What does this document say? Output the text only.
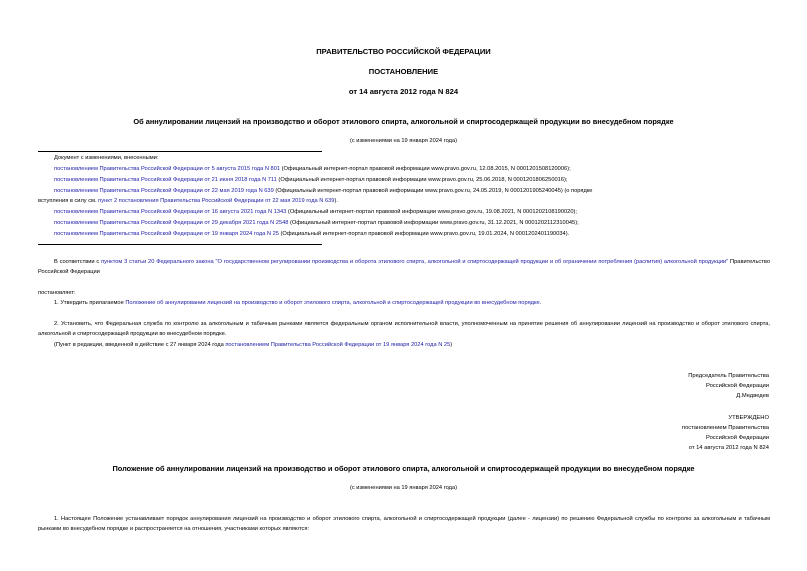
ПРАВИТЕЛЬСТВО РОССИЙСКОЙ ФЕДЕРАЦИИ
ПОСТАНОВЛЕНИЕ
от 14 августа 2012 года N 824
Об аннулировании лицензий на производство и оборот этилового спирта, алкогольной и спиртосодержащей продукции во внесудебном порядке
(с изменениями на 19 января 2024 года)
Документ с изменениями, внесенными:
постановлением Правительства Российской Федерации от 5 августа 2015 года N 801 (Официальный интернет-портал правовой информации www.pravo.gov.ru, 12.08.2015, N 0001201508120006);
постановлением Правительства Российской Федерации от 21 июня 2018 года N 711 (Официальный интернет-портал правовой информации www.pravo.gov.ru, 25.06.2018, N 0001201806250016);
постановлением Правительства Российской Федерации от 22 мая 2019 года N 639 (Официальный интернет-портал правовой информации www.pravo.gov.ru, 24.05.2019, N 0001201905240045) (о порядке
вступления в силу см. пункт 2 постановления Правительства Российской Федерации от 22 мая 2019 года N 639).
постановлением Правительства Российской Федерации от 16 августа 2021 года N 1343 (Официальный интернет-портал правовой информации www.pravo.gov.ru, 19.08.2021, N 0001202108190020);
постановлением Правительства Российской Федерации от 29 декабря 2021 года N 2548 (Официальный интернет-портал правовой информации www.pravo.gov.ru, 31.12.2021, N 0001202112310045);
постановлением Правительства Российской Федерации от 19 января 2024 года N 25 (Официальный интернет-портал правовой информации www.pravo.gov.ru, 19.01.2024, N 0001202401190034).
В соответствии с пунктом 3 статьи 20 Федерального закона "О государственном регулировании производства и оборота этилового спирта, алкогольной и спиртосодержащей продукции и об ограничении потребления (распития) алкогольной продукции" Правительство Российской Федерации
постановляет:
1. Утвердить прилагаемое Положение об аннулировании лицензий на производство и оборот этилового спирта, алкогольной и спиртосодержащей продукции во внесудебном порядке.
2. Установить, что Федеральная служба по контролю за алкогольным и табачным рынками является федеральным органом исполнительной власти, уполномоченным на принятие решения об аннулировании лицензий на производство и оборот этилового спирта, алкогольной и спиртосодержащей продукции во внесудебном порядке.
(Пункт в редакции, введенной в действие с 27 января 2024 года постановлением Правительства Российской Федерации от 19 января 2024 года N 25)
Председатель Правительства
Российской Федерации
Д.Медведев
УТВЕРЖДЕНО
постановлением Правительства
Российской Федерации
от 14 августа 2012 года N 824
Положение об аннулировании лицензий на производство и оборот этилового спирта, алкогольной и спиртосодержащей продукции во внесудебном порядке
(с изменениями на 19 января 2024 года)
1. Настоящее Положение устанавливает порядок аннулирования лицензий на производство и оборот этилового спирта, алкогольной и спиртосодержащей продукции (далее - лицензии) по решению Федеральной службы по контролю за алкогольным и табачным рынками во внесудебном порядке и распространяется на отношения, участниками которых являются:
